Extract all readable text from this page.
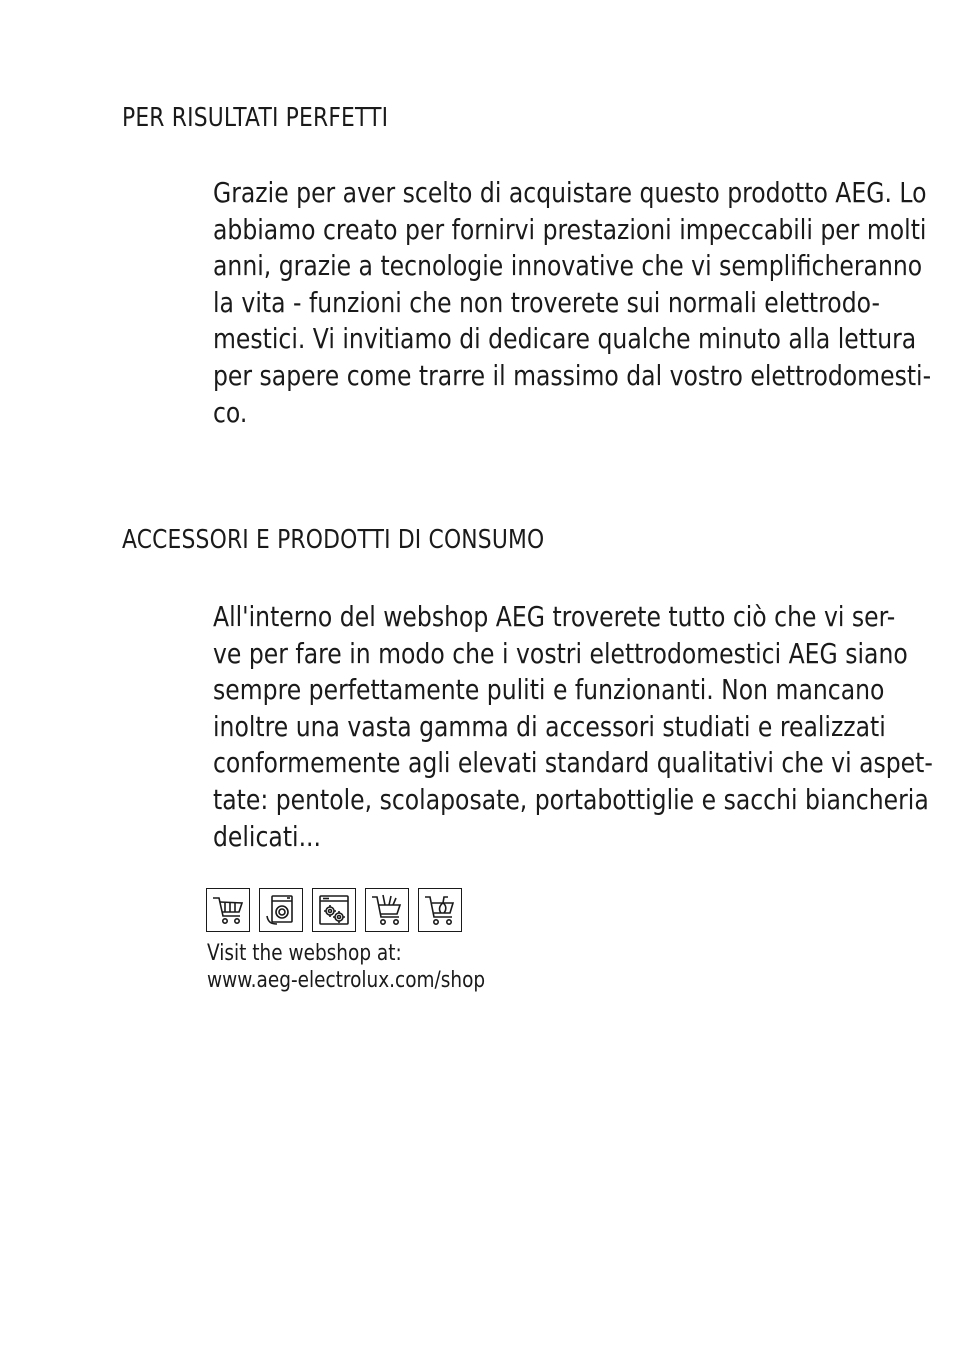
PER RISULTATI PERFETTI

Grazie per aver scelto di acquistare questo prodotto AEG. Lo
abbiamo creato per fornirvi prestazioni impeccabili per molti
anni, grazie a tecnologie innovative che vi semplificheranno
la vita - funzioni che non troverete sui normali elettrodo-
mestici. Vi invitiamo di dedicare qualche minuto alla lettura
per sapere come trarre il massimo dal vostro elettrodomesti-
co.

ACCESSORI E PRODOTTI DI CONSUMO

All'interno del webshop AEG troverete tutto ciò che vi ser-
ve per fare in modo che i vostri elettrodomestici AEG siano
sempre perfettamente puliti e funzionanti. Non mancano
inoltre una vasta gamma di accessori studiati e realizzati
conformemente agli elevati standard qualitativi che vi aspet-
tate: pentole, scolaposate, portabottiglie e sacchi biancheria
delicati...

Visit the webshop at:
www.aeg-electrolux.com/shop
